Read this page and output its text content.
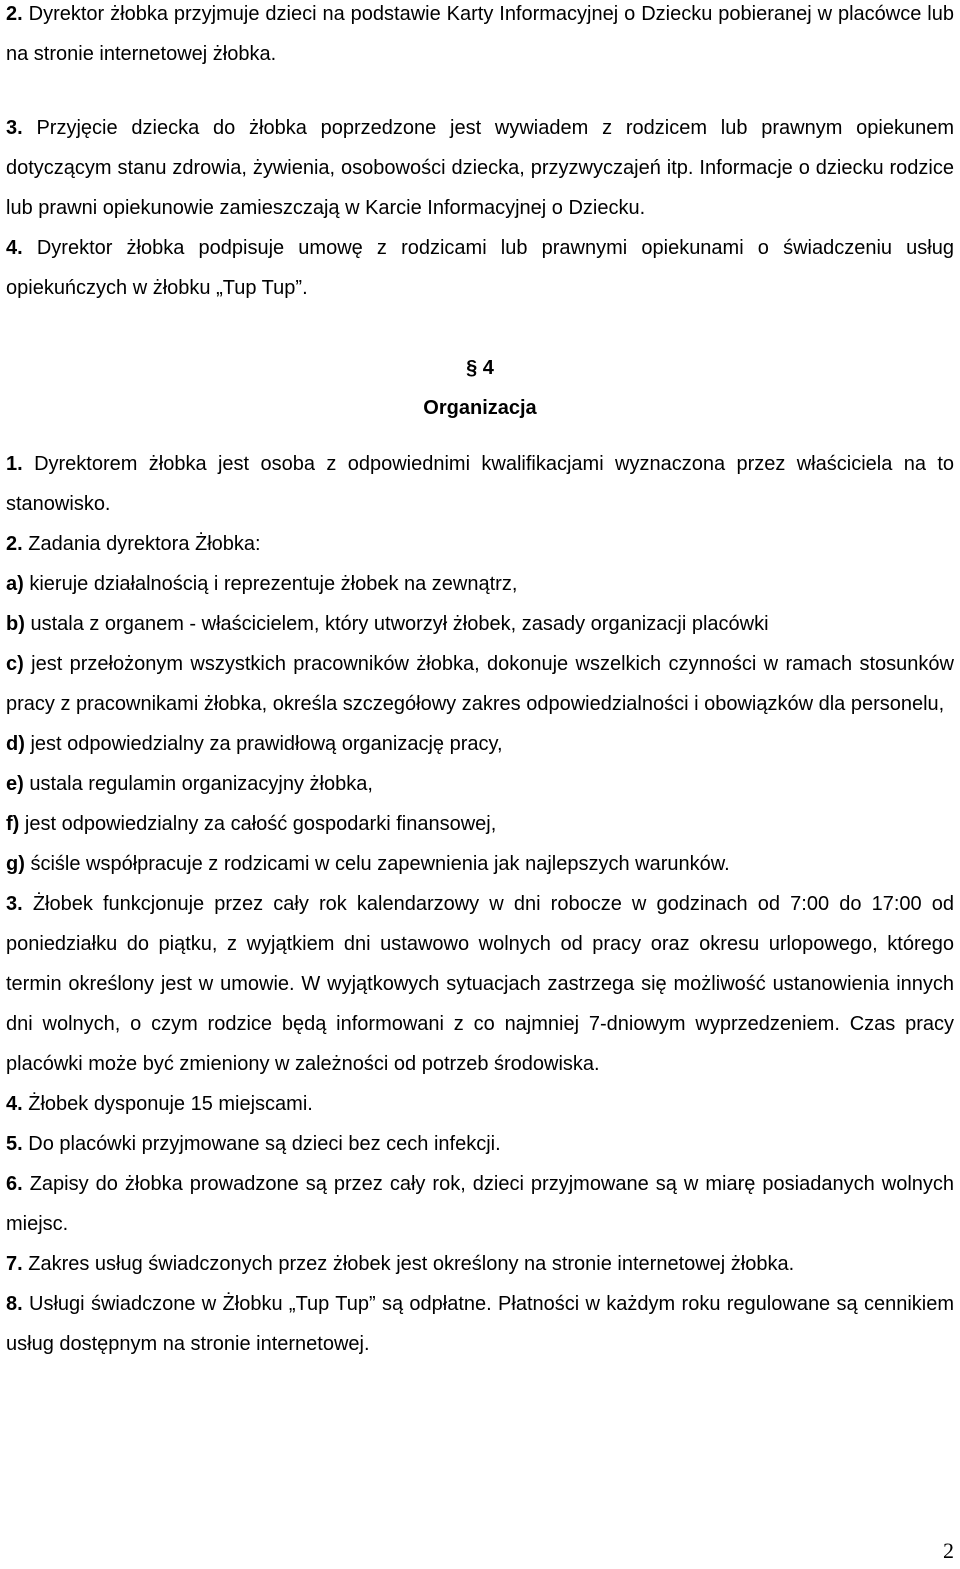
2. Dyrektor żłobka przyjmuje dzieci na podstawie Karty Informacyjnej o Dziecku pobieranej w placówce lub na stronie internetowej żłobka.

3. Przyjęcie dziecka do żłobka poprzedzone jest wywiadem z rodzicem lub prawnym opiekunem dotyczącym stanu zdrowia, żywienia, osobowości dziecka, przyzwyczajeń itp. Informacje o dziecku rodzice lub prawni opiekunowie zamieszczają w Karcie Informacyjnej o Dziecku.

4. Dyrektor żłobka podpisuje umowę z rodzicami lub prawnymi opiekunami o świadczeniu usług opiekuńczych w żłobku „Tup Tup”.

§ 4

Organizacja

1. Dyrektorem żłobka jest osoba z odpowiednimi kwalifikacjami wyznaczona przez właściciela na to stanowisko.

2. Zadania dyrektora Żłobka:

a) kieruje działalnością i reprezentuje żłobek na zewnątrz,

b) ustala z organem - właścicielem, który utworzył żłobek, zasady organizacji placówki

c) jest przełożonym wszystkich pracowników żłobka, dokonuje wszelkich czynności w ramach stosunków pracy z pracownikami żłobka, określa szczegółowy zakres odpowiedzialności i obowiązków dla personelu,

d) jest odpowiedzialny za prawidłową organizację pracy,

e) ustala regulamin organizacyjny żłobka,

f) jest odpowiedzialny za całość gospodarki finansowej,

g) ściśle współpracuje z rodzicami w celu zapewnienia jak najlepszych warunków.

3. Żłobek funkcjonuje przez cały rok kalendarzowy w dni robocze w godzinach od 7:00 do 17:00 od poniedziałku do piątku, z wyjątkiem dni ustawowo wolnych od pracy oraz okresu urlopowego, którego termin określony jest w umowie. W wyjątkowych sytuacjach zastrzega się możliwość ustanowienia innych dni wolnych, o czym rodzice będą informowani z co najmniej 7-dniowym wyprzedzeniem. Czas pracy placówki może być zmieniony w zależności od potrzeb środowiska.

4. Żłobek dysponuje 15 miejscami.

5. Do placówki przyjmowane są dzieci bez cech infekcji.

6. Zapisy do żłobka prowadzone są przez cały rok, dzieci przyjmowane są w miarę posiadanych wolnych miejsc.

7. Zakres usług świadczonych przez żłobek jest określony na stronie internetowej żłobka.

8. Usługi świadczone w Żłobku „Tup Tup” są odpłatne. Płatności w każdym roku regulowane są cennikiem usług dostępnym na stronie internetowej.

2
